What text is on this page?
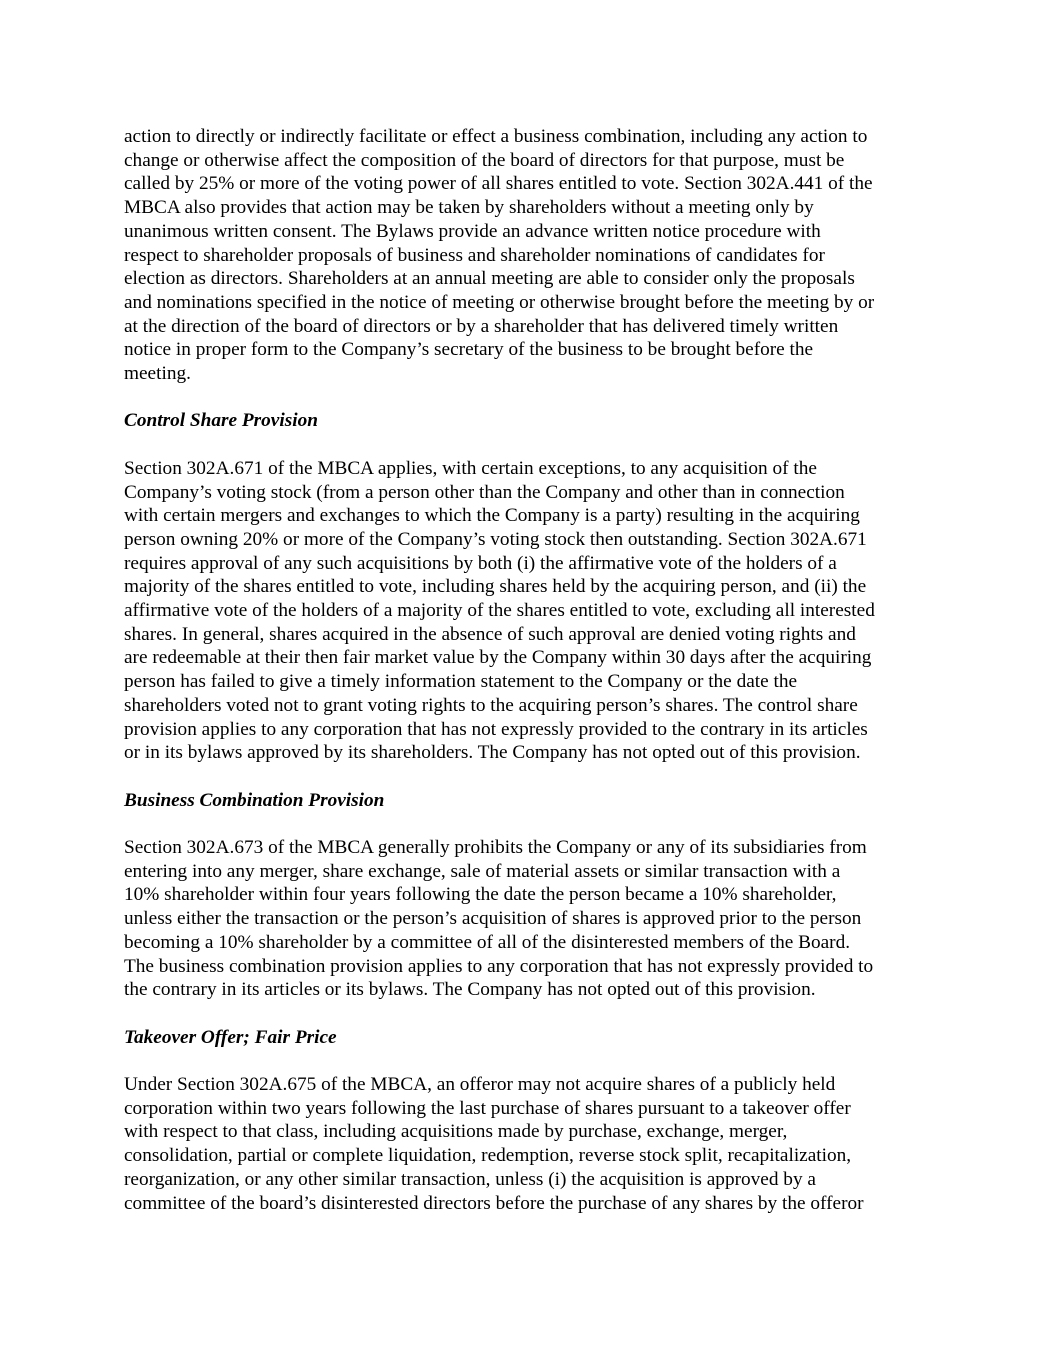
action to directly or indirectly facilitate or effect a business combination, including any action to
change or otherwise affect the composition of the board of directors for that purpose, must be
called by 25% or more of the voting power of all shares entitled to vote. Section 302A.441 of the
MBCA also provides that action may be taken by shareholders without a meeting only by
unanimous written consent. The Bylaws provide an advance written notice procedure with
respect to shareholder proposals of business and shareholder nominations of candidates for
election as directors. Shareholders at an annual meeting are able to consider only the proposals
and nominations specified in the notice of meeting or otherwise brought before the meeting by or
at the direction of the board of directors or by a shareholder that has delivered timely written
notice in proper form to the Company’s secretary of the business to be brought before the
meeting.

Control Share Provision

Section 302A.671 of the MBCA applies, with certain exceptions, to any acquisition of the
Company’s voting stock (from a person other than the Company and other than in connection
with certain mergers and exchanges to which the Company is a party) resulting in the acquiring
person owning 20% or more of the Company’s voting stock then outstanding. Section 302A.671
requires approval of any such acquisitions by both (i) the affirmative vote of the holders of a
majority of the shares entitled to vote, including shares held by the acquiring person, and (ii) the
affirmative vote of the holders of a majority of the shares entitled to vote, excluding all interested
shares. In general, shares acquired in the absence of such approval are denied voting rights and
are redeemable at their then fair market value by the Company within 30 days after the acquiring
person has failed to give a timely information statement to the Company or the date the
shareholders voted not to grant voting rights to the acquiring person’s shares. The control share
provision applies to any corporation that has not expressly provided to the contrary in its articles
or in its bylaws approved by its shareholders. The Company has not opted out of this provision.

Business Combination Provision

Section 302A.673 of the MBCA generally prohibits the Company or any of its subsidiaries from
entering into any merger, share exchange, sale of material assets or similar transaction with a
10% shareholder within four years following the date the person became a 10% shareholder,
unless either the transaction or the person’s acquisition of shares is approved prior to the person
becoming a 10% shareholder by a committee of all of the disinterested members of the Board.
The business combination provision applies to any corporation that has not expressly provided to
the contrary in its articles or its bylaws. The Company has not opted out of this provision.

Takeover Offer; Fair Price

Under Section 302A.675 of the MBCA, an offeror may not acquire shares of a publicly held
corporation within two years following the last purchase of shares pursuant to a takeover offer
with respect to that class, including acquisitions made by purchase, exchange, merger,
consolidation, partial or complete liquidation, redemption, reverse stock split, recapitalization,
reorganization, or any other similar transaction, unless (i) the acquisition is approved by a
committee of the board’s disinterested directors before the purchase of any shares by the offeror
